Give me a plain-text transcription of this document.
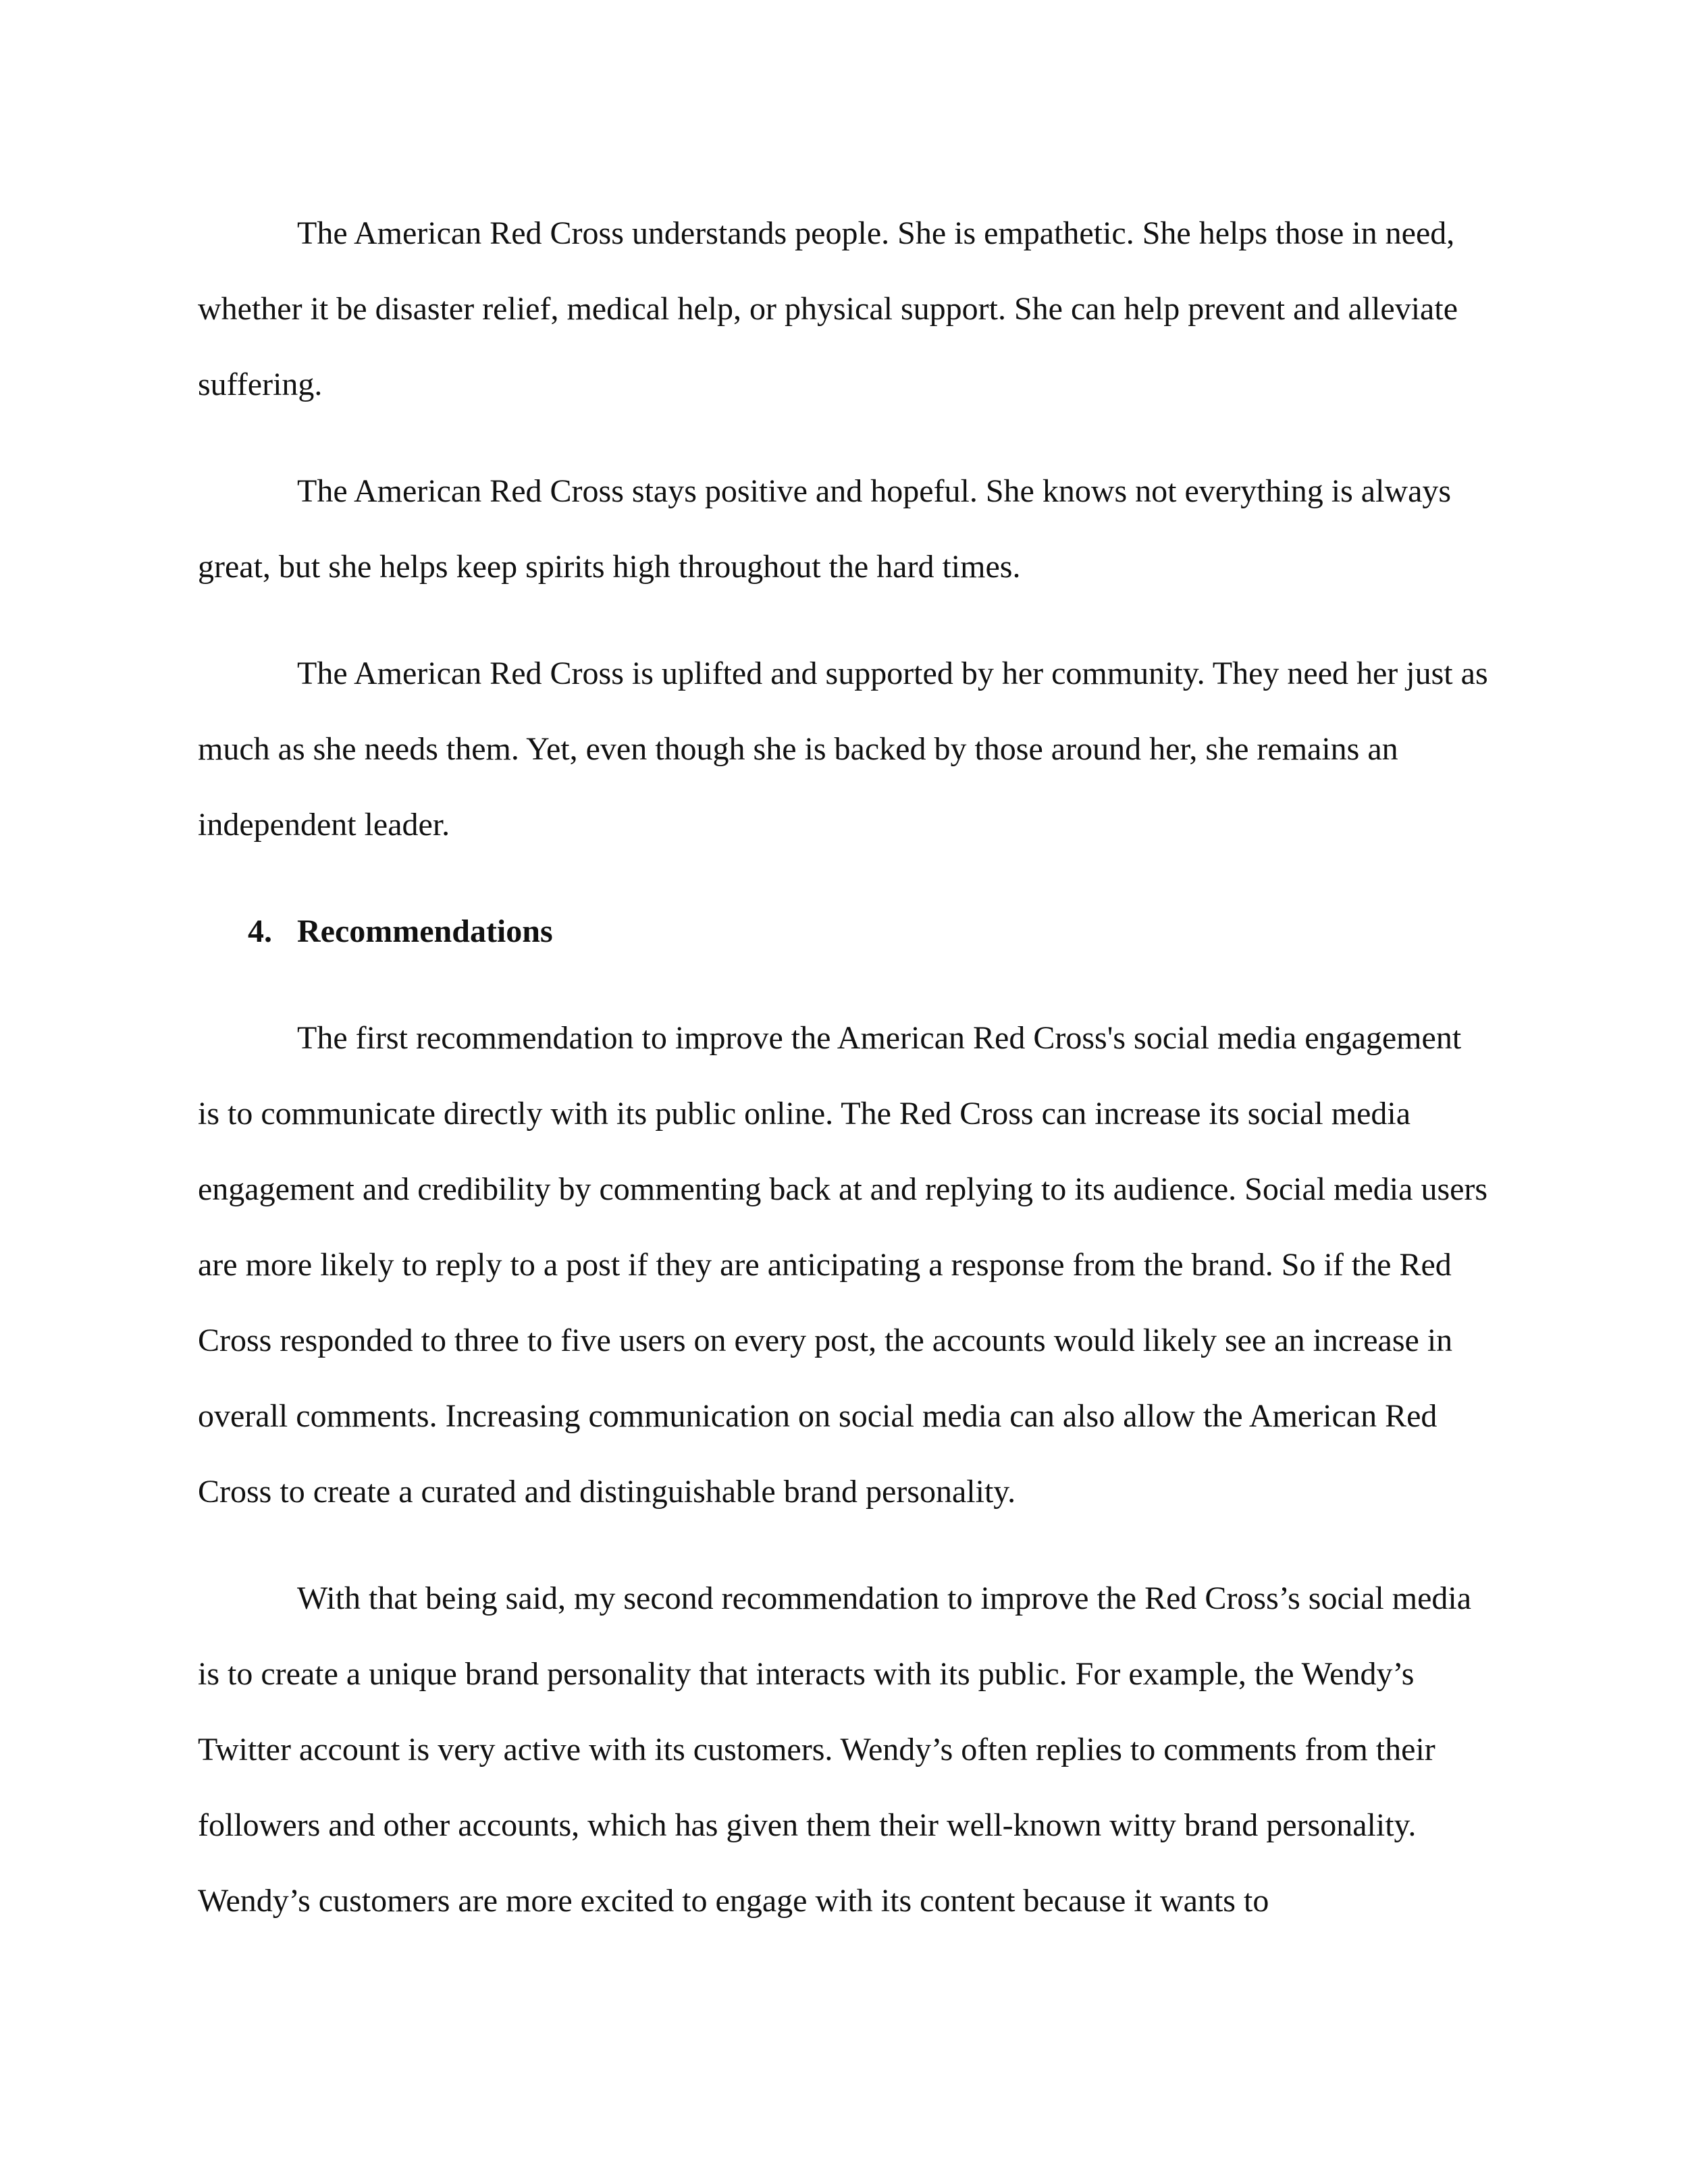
The American Red Cross understands people. She is empathetic. She helps those in need, whether it be disaster relief, medical help, or physical support. She can help prevent and alleviate suffering.

The American Red Cross stays positive and hopeful. She knows not everything is always great, but she helps keep spirits high throughout the hard times.

The American Red Cross is uplifted and supported by her community. They need her just as much as she needs them. Yet, even though she is backed by those around her, she remains an independent leader.

4. Recommendations

The first recommendation to improve the American Red Cross's social media engagement is to communicate directly with its public online. The Red Cross can increase its social media engagement and credibility by commenting back at and replying to its audience. Social media users are more likely to reply to a post if they are anticipating a response from the brand. So if the Red Cross responded to three to five users on every post, the accounts would likely see an increase in overall comments. Increasing communication on social media can also allow the American Red Cross to create a curated and distinguishable brand personality.

With that being said, my second recommendation to improve the Red Cross’s social media is to create a unique brand personality that interacts with its public. For example, the Wendy’s Twitter account is very active with its customers. Wendy’s often replies to comments from their followers and other accounts, which has given them their well-known witty brand personality. Wendy’s customers are more excited to engage with its content because it wants to
